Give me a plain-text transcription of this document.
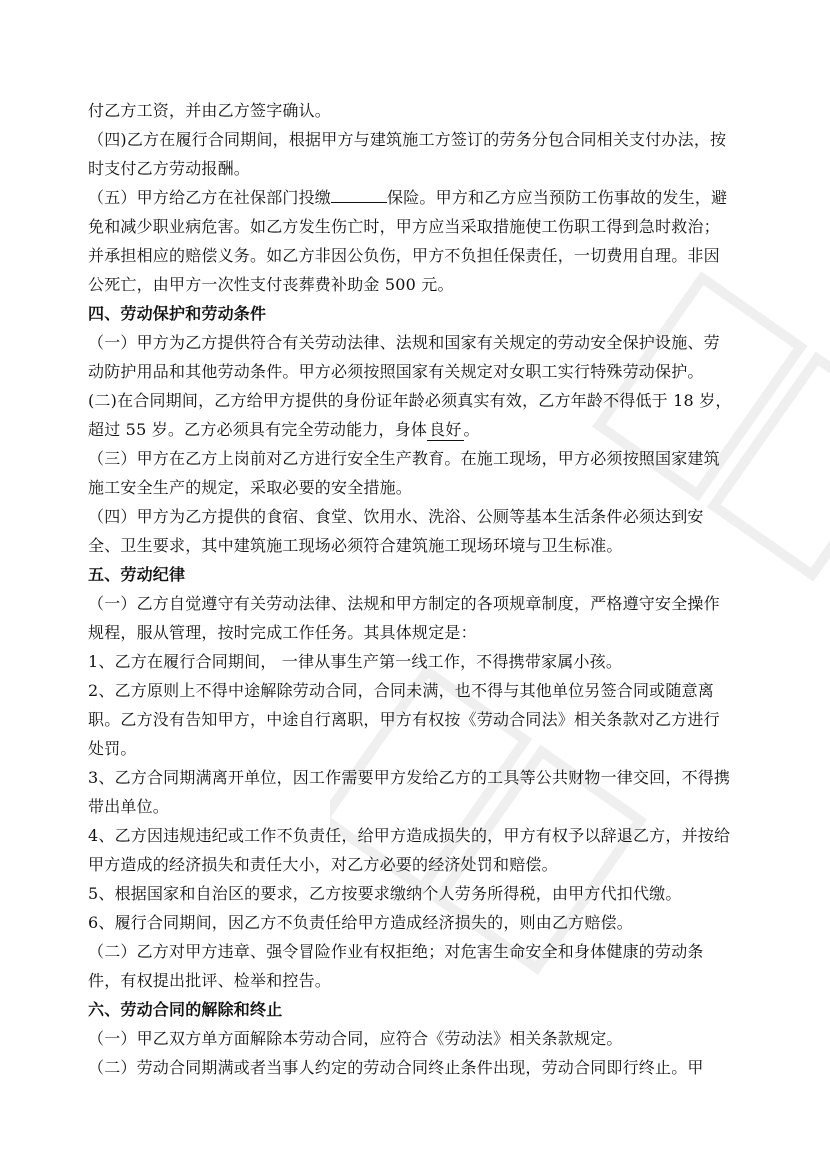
付乙方工资，并由乙方签字确认。

（四)乙方在履行合同期间，根据甲方与建筑施工方签订的劳务分包合同相关支付办法，按时支付乙方劳动报酬。

（五）甲方给乙方在社保部门投缴	保险。甲方和乙方应当预防工伤事故的发生，避免和减少职业病危害。如乙方发生伤亡时，甲方应当采取措施使工伤职工得到急时救治；并承担相应的赔偿义务。如乙方非因公负伤，甲方不负担任保责任，一切费用自理。非因公死亡，由甲方一次性支付丧葬费补助金 500 元。

四、劳动保护和劳动条件

（一）甲方为乙方提供符合有关劳动法律、法规和国家有关规定的劳动安全保护设施、劳动防护用品和其他劳动条件。甲方必须按照国家有关规定对女职工实行特殊劳动保护。

(二)在合同期间，乙方给甲方提供的身份证年龄必须真实有效，乙方年龄不得低于 18 岁，超过 55 岁。乙方必须具有完全劳动能力，身体 良好 。

（三）甲方在乙方上岗前对乙方进行安全生产教育。在施工现场，甲方必须按照国家建筑施工安全生产的规定，采取必要的安全措施。

（四）甲方为乙方提供的食宿、食堂、饮用水、洗浴、公厕等基本生活条件必须达到安全、卫生要求，其中建筑施工现场必须符合建筑施工现场环境与卫生标准。

五、劳动纪律

（一）乙方自觉遵守有关劳动法律、法规和甲方制定的各项规章制度，严格遵守安全操作规程，服从管理，按时完成工作任务。其具体规定是：

1、乙方在履行合同期间， 一律从事生产第一线工作，不得携带家属小孩。

2、乙方原则上不得中途解除劳动合同，合同未满，也不得与其他单位另签合同或随意离职。乙方没有告知甲方，中途自行离职，甲方有权按《劳动合同法》相关条款对乙方进行处罚。

3、乙方合同期满离开单位，因工作需要甲方发给乙方的工具等公共财物一律交回，不得携带出单位。

4、乙方因违规违纪或工作不负责任，给甲方造成损失的，甲方有权予以辞退乙方，并按给甲方造成的经济损失和责任大小，对乙方必要的经济处罚和赔偿。

5、根据国家和自治区的要求，乙方按要求缴纳个人劳务所得税，由甲方代扣代缴。

6、履行合同期间，因乙方不负责任给甲方造成经济损失的，则由乙方赔偿。

（二）乙方对甲方违章、强令冒险作业有权拒绝；对危害生命安全和身体健康的劳动条件，有权提出批评、检举和控告。

六、劳动合同的解除和终止

（一）甲乙双方单方面解除本劳动合同，应符合《劳动法》相关条款规定。

（二）劳动合同期满或者当事人约定的劳动合同终止条件出现，劳动合同即行终止。甲
